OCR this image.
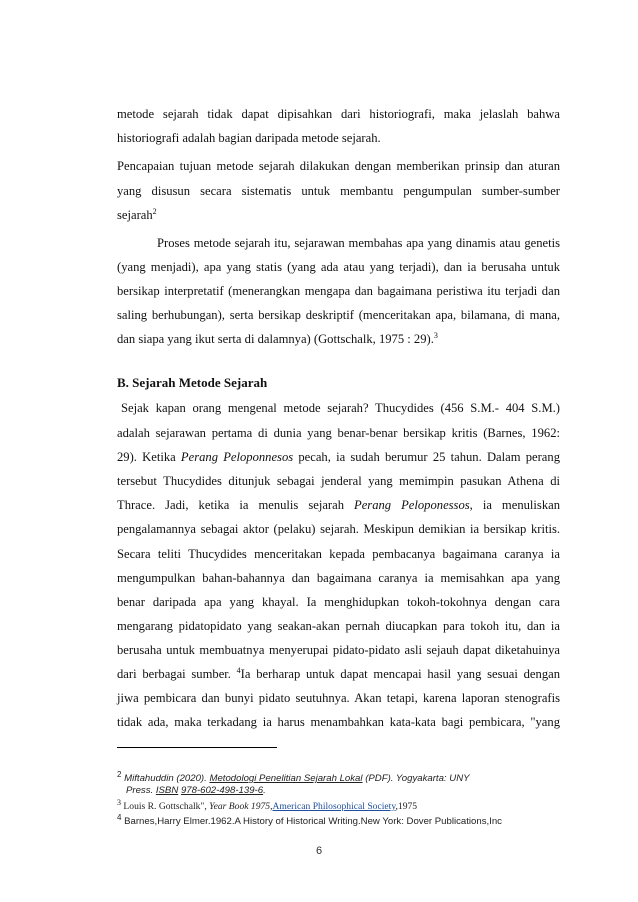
metode sejarah tidak dapat dipisahkan dari historiografi, maka jelaslah bahwa
historiografi adalah bagian daripada metode sejarah.
Pencapaian tujuan metode sejarah dilakukan dengan memberikan prinsip dan aturan
yang disusun secara sistematis untuk membantu pengumpulan sumber-sumber
sejarah$^2$
Proses metode sejarah itu, sejarawan membahas apa yang dinamis atau genetis
(yang menjadi), apa yang statis (yang ada atau yang terjadi), dan ia berusaha untuk
bersikap interpretatif (menerangkan mengapa dan bagaimana peristiwa itu terjadi dan
saling berhubungan), serta bersikap deskriptif (menceritakan apa, bilamana, di mana,
dan siapa yang ikut serta di dalamnya) (Gottschalk, 1975 : 29).$^3$
B. Sejarah Metode Sejarah
Sejak kapan orang mengenal metode sejarah? Thucydides (456 S.M.- 404 S.M.)
adalah sejarawan pertama di dunia yang benar-benar bersikap kritis (Barnes, 1962:
29). Ketika Perang Peloponnesos pecah, ia sudah berumur 25 tahun. Dalam perang
tersebut Thucydides ditunjuk sebagai jenderal yang memimpin pasukan Athena di
Thrace. Jadi, ketika ia menulis sejarah Perang Peloponessos, ia menuliskan
pengalamannya sebagai aktor (pelaku) sejarah. Meskipun demikian ia bersikap kritis.
Secara teliti Thucydides menceritakan kepada pembacanya bagaimana caranya ia
mengumpulkan bahan-bahannya dan bagaimana caranya ia memisahkan apa yang
benar daripada apa yang khayal. Ia menghidupkan tokoh-tokohnya dengan cara
mengarang pidatopidato yang seakan-akan pernah diucapkan para tokoh itu, dan ia
berusaha untuk membuatnya menyerupai pidato-pidato asli sejauh dapat diketahuinya
dari berbagai sumber. $^4$Ia berharap untuk dapat mencapai hasil yang sesuai dengan
jiwa pembicara dan bunyi pidato seutuhnya. Akan tetapi, karena laporan stenografis
tidak ada, maka terkadang ia harus menambahkan kata-kata bagi pembicara, "yang
$^2$ Miftahuddin (2020). Metodologi Penelitian Sejarah Lokal (PDF). Yogyakarta: UNY
Press. ISBN 978-602-498-139-6.
$^3$ Louis R. Gottschalk", Year Book 1975,American Philosophical Society,1975
$^4$ Barnes,Harry Elmer.1962.A History of Historical Writing.New York: Dover Publications,Inc
6
